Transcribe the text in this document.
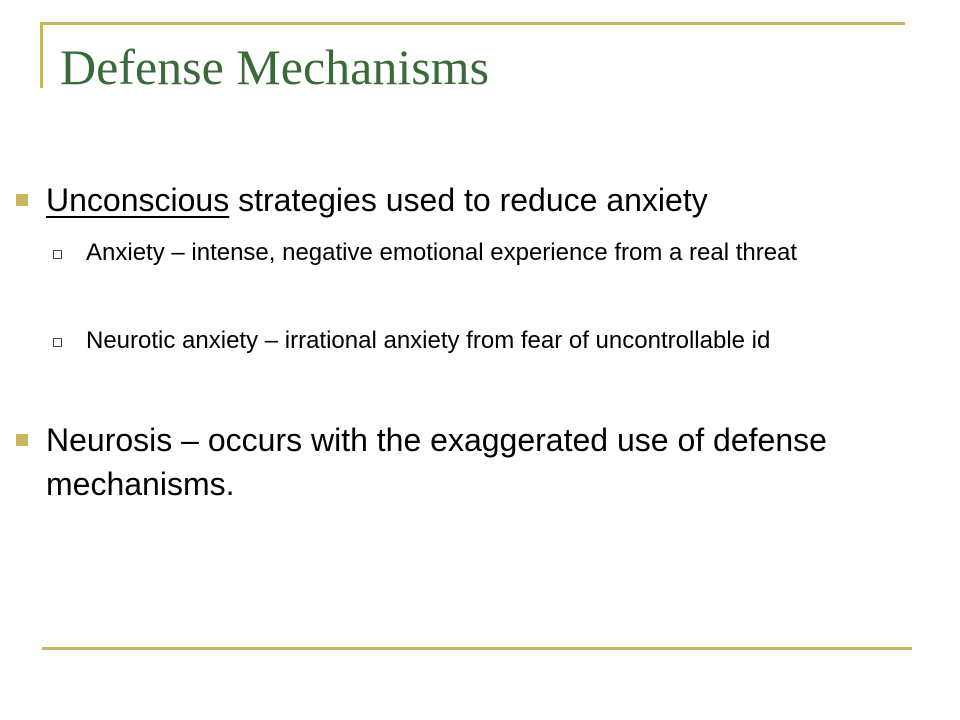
Defense Mechanisms
Unconscious strategies used to reduce anxiety
Anxiety – intense, negative emotional experience from a real threat
Neurotic anxiety – irrational anxiety from fear of uncontrollable id
Neurosis – occurs with the exaggerated use of defense mechanisms.
